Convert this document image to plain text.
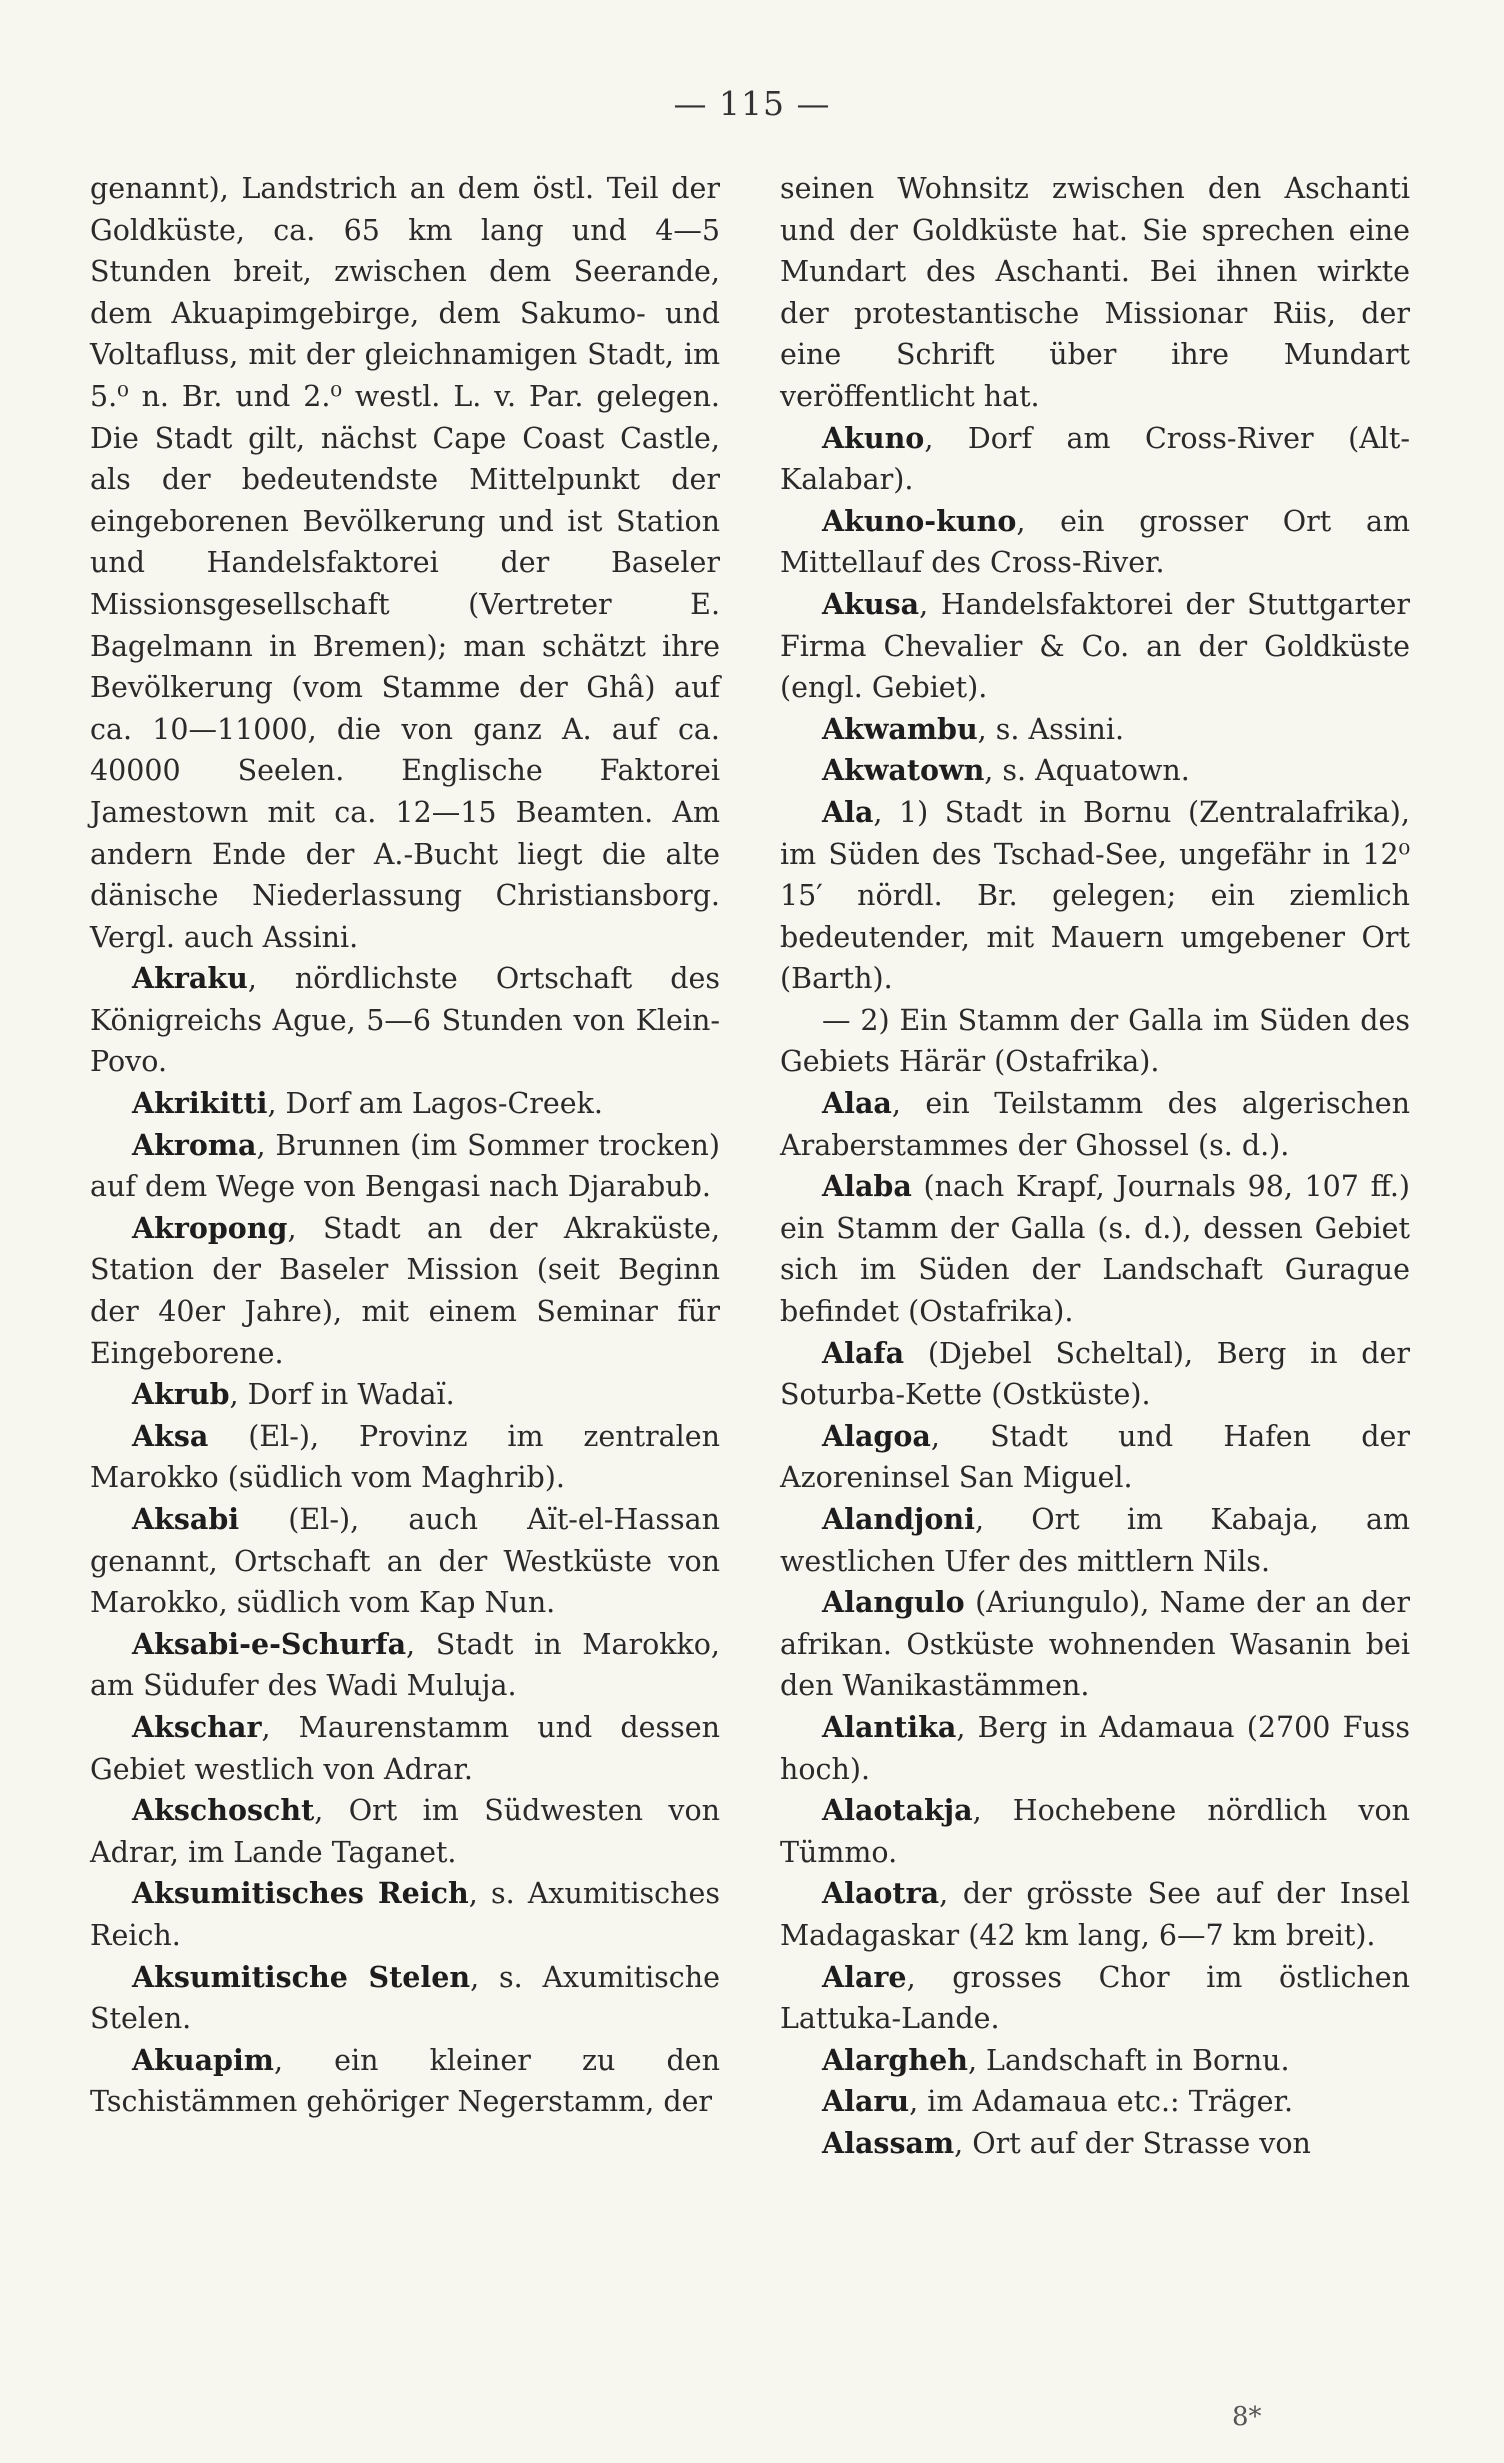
— 115 —

genannt), Landstrich an dem östl. Teil der Goldküste, ca. 65 km lang und 4—5 Stunden breit, zwischen dem Seerande, dem Akuapimgebirge, dem Sakumo- und Voltafluss, mit der gleichnamigen Stadt, im 5.⁰ n. Br. und 2.⁰ westl. L. v. Par. gelegen. Die Stadt gilt, nächst Cape Coast Castle, als der bedeutendste Mittelpunkt der eingeborenen Bevölkerung und ist Station und Handelsfaktorei der Baseler Missionsgesellschaft (Vertreter E. Bagelmann in Bremen); man schätzt ihre Bevölkerung (vom Stamme der Ghâ) auf ca. 10—11000, die von ganz A. auf ca. 40000 Seelen. Englische Faktorei Jamestown mit ca. 12—15 Beamten. Am andern Ende der A.-Bucht liegt die alte dänische Niederlassung Christiansborg. Vergl. auch Assini.

Akraku, nördlichste Ortschaft des Königreichs Ague, 5—6 Stunden von Klein-Povo.

Akrikitti, Dorf am Lagos-Creek.

Akroma, Brunnen (im Sommer trocken) auf dem Wege von Bengasi nach Djarabub.

Akropong, Stadt an der Akraküste, Station der Baseler Mission (seit Beginn der 40er Jahre), mit einem Seminar für Eingeborene.

Akrub, Dorf in Wadaï.

Aksa (El-), Provinz im zentralen Marokko (südlich vom Maghrib).

Aksabi (El-), auch Aït-el-Hassan genannt, Ortschaft an der Westküste von Marokko, südlich vom Kap Nun.

Aksabi-e-Schurfa, Stadt in Marokko, am Südufer des Wadi Muluja.

Akschar, Maurenstamm und dessen Gebiet westlich von Adrar.

Akschoscht, Ort im Südwesten von Adrar, im Lande Taganet.

Aksumitisches Reich, s. Axumitisches Reich.

Aksumitische Stelen, s. Axumitische Stelen.

Akuapim, ein kleiner zu den Tschistämmen gehöriger Negerstamm, der

seinen Wohnsitz zwischen den Aschanti und der Goldküste hat. Sie sprechen eine Mundart des Aschanti. Bei ihnen wirkte der protestantische Missionar Riis, der eine Schrift über ihre Mundart veröffentlicht hat.

Akuno, Dorf am Cross-River (Alt-Kalabar).

Akuno-kuno, ein grosser Ort am Mittellauf des Cross-River.

Akusa, Handelsfaktorei der Stuttgarter Firma Chevalier & Co. an der Goldküste (engl. Gebiet).

Akwambu, s. Assini.

Akwatown, s. Aquatown.

Ala, 1) Stadt in Bornu (Zentralafrika), im Süden des Tschad-See, ungefähr in 12⁰ 15′ nördl. Br. gelegen; ein ziemlich bedeutender, mit Mauern umgebener Ort (Barth).

— 2) Ein Stamm der Galla im Süden des Gebiets Härär (Ostafrika).

Alaa, ein Teilstamm des algerischen Araberstammes der Ghossel (s. d.).

Alaba (nach Krapf, Journals 98, 107 ff.) ein Stamm der Galla (s. d.), dessen Gebiet sich im Süden der Landschaft Gurague befindet (Ostafrika).

Alafa (Djebel Scheltal), Berg in der Soturba-Kette (Ostküste).

Alagoa, Stadt und Hafen der Azoreninsel San Miguel.

Alandjoni, Ort im Kabaja, am westlichen Ufer des mittlern Nils.

Alangulo (Ariungulo), Name der an der afrikan. Ostküste wohnenden Wasanin bei den Wanikastämmen.

Alantika, Berg in Adamaua (2700 Fuss hoch).

Alaotakja, Hochebene nördlich von Tümmo.

Alaotra, der grösste See auf der Insel Madagaskar (42 km lang, 6—7 km breit).

Alare, grosses Chor im östlichen Lattuka-Lande.

Alargheh, Landschaft in Bornu.

Alaru, im Adamaua etc.: Träger.

Alassam, Ort auf der Strasse von

8*
